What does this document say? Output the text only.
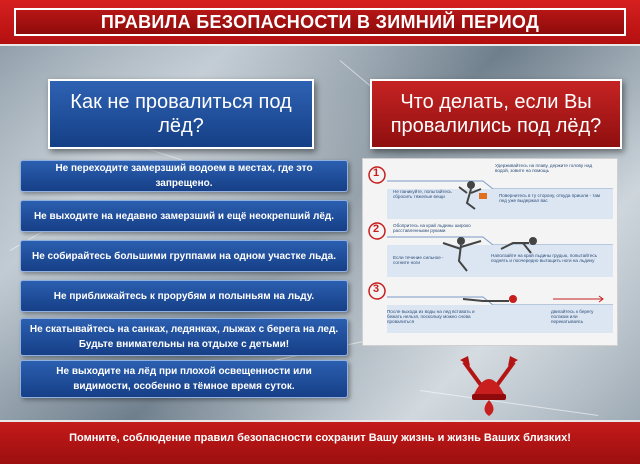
ПРАВИЛА БЕЗОПАСНОСТИ В ЗИМНИЙ ПЕРИОД
Как не провалиться под лёд?
Что делать, если Вы провалились под лёд?
Не переходите замерзший водоем в местах, где это запрещено.
Не выходите на недавно замерзший и ещё неокрепший лёд.
Не собирайтесь большими группами на одном участке льда.
Не приближайтесь к прорубям и полыньям на льду.
Не скатывайтесь на санках, ледянках, лыжах с берега на лед. Будьте внимательны на отдыхе с детьми!
Не выходите на лёд при плохой освещенности или видимости, особенно в тёмное время суток.
1
2
3
Удерживайтесь на плаву, держите голову над водой, зовите на помощь
Не паникуйте, попытайтесь сбросить тяжелые вещи	Повернитесь в ту сторону, откуда пришли - там лед уже выдержал вас
Обопритесь на край льдины широко расставленными руками
Если течение сильное - согните ноги
Наползайте на край льдины грудью, попытайтесь поднять и поочередно вытащить ноги на льдину
После выхода из воды на лед вставать и бежать нельзя, поскольку можно снова провалиться
двигайтесь к берегу ползком или перекатываясь
Помните, соблюдение правил безопасности сохранит Вашу жизнь и жизнь Ваших близких!
